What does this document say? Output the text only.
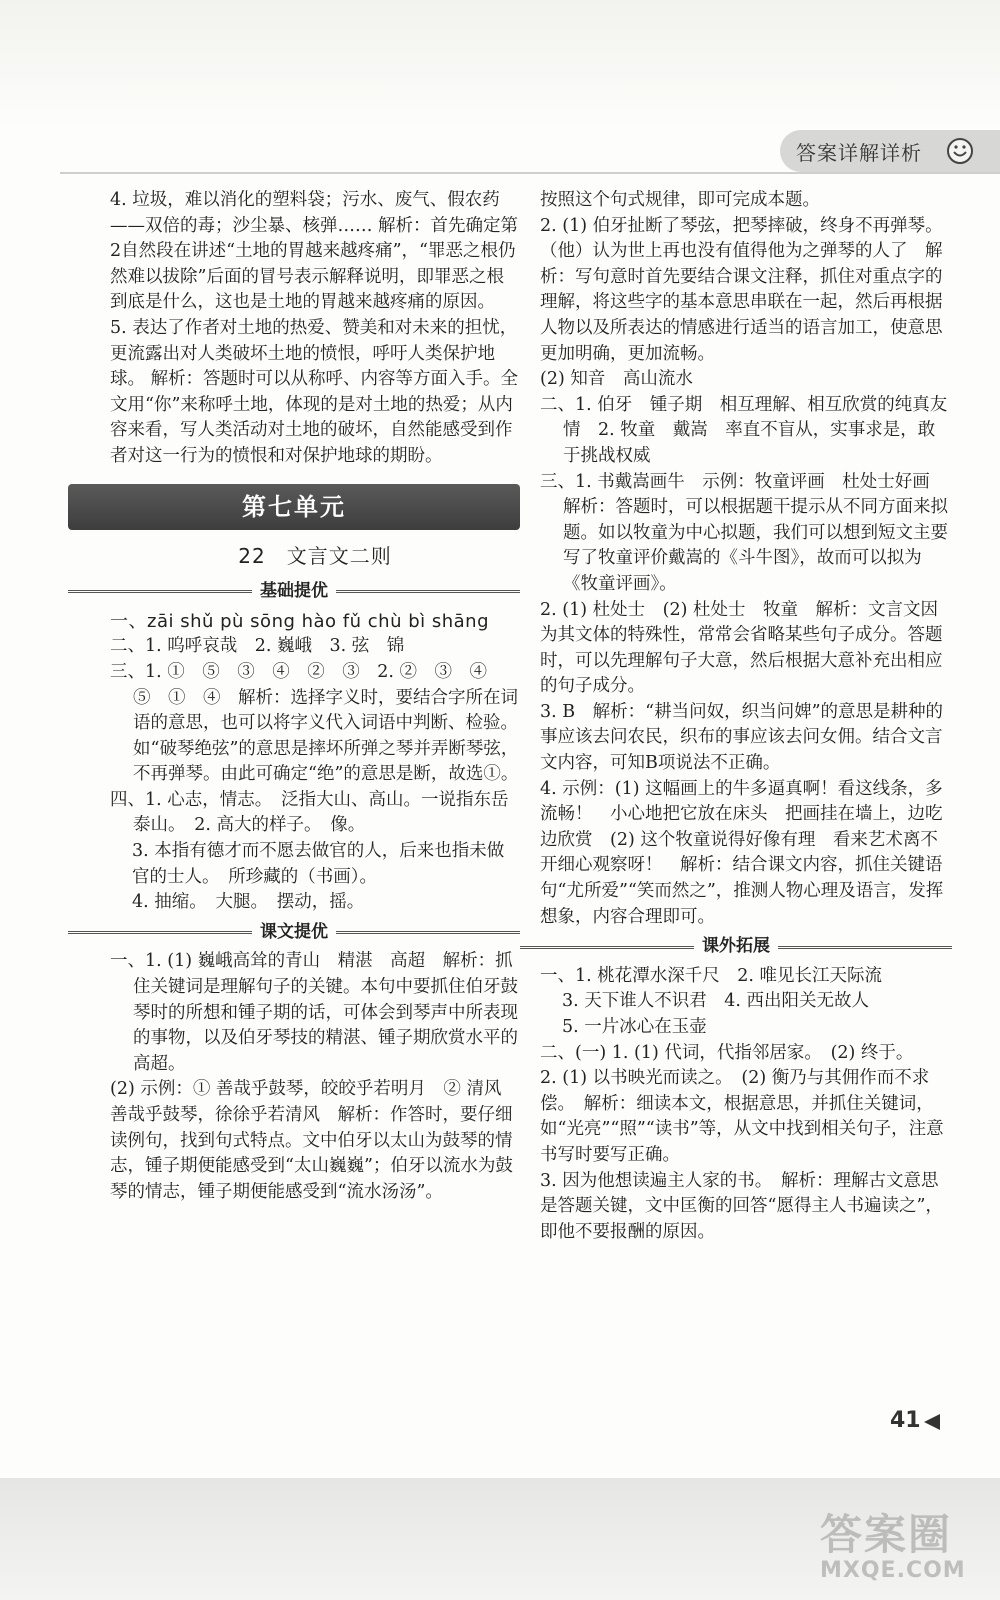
答案详解详析

4. 垃圾，难以消化的塑料袋；污水、废气、假农药——双倍的毒；沙尘暴、核弹…… 解析：首先确定第2自然段在讲述“土地的胃越来越疼痛”，“罪恶之根仍然难以拔除”后面的冒号表示解释说明，即罪恶之根到底是什么，这也是土地的胃越来越疼痛的原因。

5. 表达了作者对土地的热爱、赞美和对未来的担忧，更流露出对人类破坏土地的愤恨，呼吁人类保护地球。 解析：答题时可以从称呼、内容等方面入手。全文用“你”来称呼土地，体现的是对土地的热爱；从内容来看，写人类活动对土地的破坏，自然能感受到作者对这一行为的愤恨和对保护地球的期盼。

第七单元
22　文言文二则
基础提优

一、zāi shǔ pù sōng hào fǔ chù bì shāng

二、1. 呜呼哀哉　2. 巍峨　3. 弦　锦

三、1. ①　⑤　③　④　②　③　2. ②　③　④　⑤　①　④　解析：选择字义时，要结合字所在词语的意思，也可以将字义代入词语中判断、检验。如“破琴绝弦”的意思是摔坏所弹之琴并弄断琴弦，不再弹琴。由此可确定“绝”的意思是断，故选①。

四、1. 心志，情志。　泛指大山、高山。一说指东岳泰山。　2. 高大的样子。　像。

3. 本指有德才而不愿去做官的人，后来也指未做官的士人。　所珍藏的（书画）。

4. 抽缩。　大腿。　摆动，摇。

课文提优

一、1. (1) 巍峨高耸的青山　精湛　高超　解析：抓住关键词是理解句子的关键。本句中要抓住伯牙鼓琴时的所想和锺子期的话，可体会到琴声中所表现的事物，以及伯牙琴技的精湛、锺子期欣赏水平的高超。

(2) 示例：① 善哉乎鼓琴，皎皎乎若明月　② 清风　善哉乎鼓琴，徐徐乎若清风　解析：作答时，要仔细读例句，找到句式特点。文中伯牙以太山为鼓琴的情志，锺子期便能感受到“太山巍巍”；伯牙以流水为鼓琴的情志，锺子期便能感受到“流水汤汤”。

按照这个句式规律，即可完成本题。

2. (1) 伯牙扯断了琴弦，把琴摔破，终身不再弹琴。（他）认为世上再也没有值得他为之弹琴的人了　解析：写句意时首先要结合课文注释，抓住对重点字的理解，将这些字的基本意思串联在一起，然后再根据人物以及所表达的情感进行适当的语言加工，使意思更加明确，更加流畅。

(2) 知音　高山流水

二、1. 伯牙　锺子期　相互理解、相互欣赏的纯真友情　2. 牧童　戴嵩　率直不盲从，实事求是，敢于挑战权威

三、1. 书戴嵩画牛　示例：牧童评画　杜处士好画　解析：答题时，可以根据题干提示从不同方面来拟题。如以牧童为中心拟题，我们可以想到短文主要写了牧童评价戴嵩的《斗牛图》，故而可以拟为《牧童评画》。

2. (1) 杜处士　(2) 杜处士　牧童　解析：文言文因为其文体的特殊性，常常会省略某些句子成分。答题时，可以先理解句子大意，然后根据大意补充出相应的句子成分。

3. B　解析：“耕当问奴，织当问婢”的意思是耕种的事应该去问农民，织布的事应该去问女佣。结合文言文内容，可知B项说法不正确。

4. 示例：(1) 这幅画上的牛多逼真啊！看这线条，多流畅！　小心地把它放在床头　把画挂在墙上，边吃边欣赏　(2) 这个牧童说得好像有理　看来艺术离不开细心观察呀！　解析：结合课文内容，抓住关键语句“尤所爱”“笑而然之”，推测人物心理及语言，发挥想象，内容合理即可。

课外拓展

一、1. 桃花潭水深千尺　2. 唯见长江天际流

3. 天下谁人不识君　4. 西出阳关无故人

5. 一片冰心在玉壶

二、(一) 1. (1) 代词，代指邻居家。　(2) 终于。

2. (1) 以书映光而读之。　(2) 衡乃与其佣作而不求偿。　解析：细读本文，根据意思，并抓住关键词，如“光亮”“照”“读书”等，从文中找到相关句子，注意书写时要写正确。

3. 因为他想读遍主人家的书。　解析：理解古文意思是答题关键，文中匡衡的回答“愿得主人书遍读之”，即他不要报酬的原因。

41
答案圈
MXQE.COM
